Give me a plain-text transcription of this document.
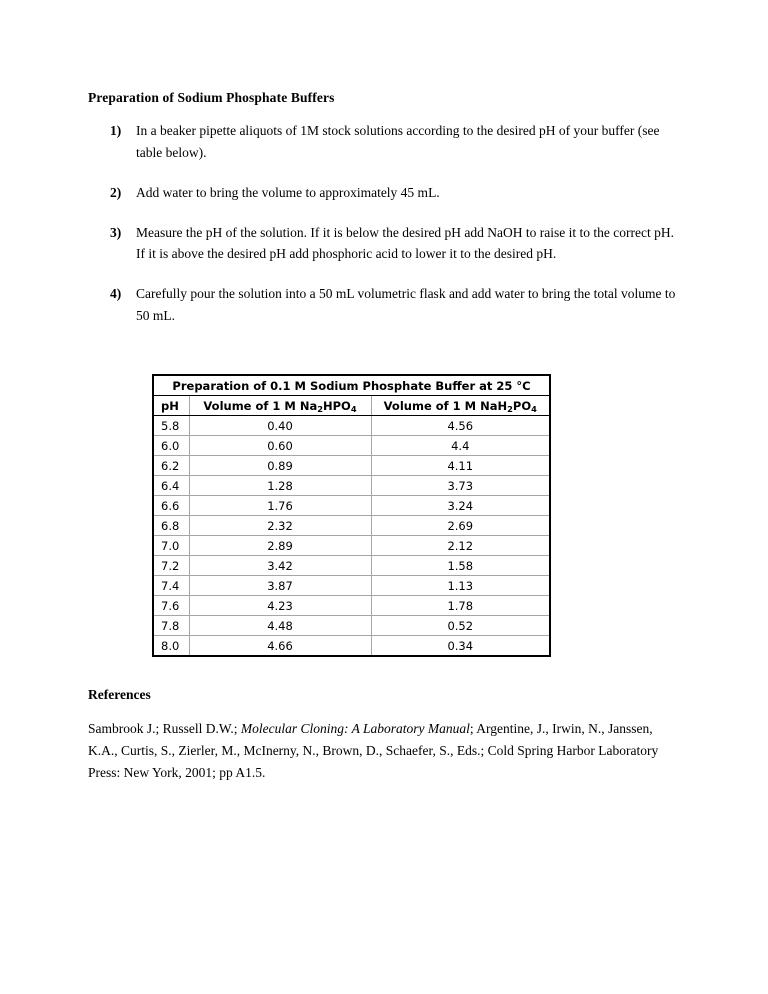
Preparation of Sodium Phosphate Buffers
1) In a beaker pipette aliquots of 1M stock solutions according to the desired pH of your buffer (see table below).
2) Add water to bring the volume to approximately 45 mL.
3) Measure the pH of the solution. If it is below the desired pH add NaOH to raise it to the correct pH. If it is above the desired pH add phosphoric acid to lower it to the desired pH.
4) Carefully pour the solution into a 50 mL volumetric flask and add water to bring the total volume to 50 mL.
Preparation of 0.1 M Sodium Phosphate Buffer at 25 °C		
pH	Volume of 1 M $Na_2HPO_4$	Volume of 1 M $NaH_2PO_4$
5.8	0.40	4.56
6.0	0.60	4.4
6.2	0.89	4.11
6.4	1.28	3.73
6.6	1.76	3.24
6.8	2.32	2.69
7.0	2.89	2.12
7.2	3.42	1.58
7.4	3.87	1.13
7.6	4.23	1.78
7.8	4.48	0.52
8.0	4.66	0.34
References
Sambrook J.; Russell D.W.; Molecular Cloning: A Laboratory Manual; Argentine, J., Irwin, N., Janssen, K.A., Curtis, S., Zierler, M., McInerny, N., Brown, D., Schaefer, S., Eds.; Cold Spring Harbor Laboratory Press: New York, 2001; pp A1.5.
